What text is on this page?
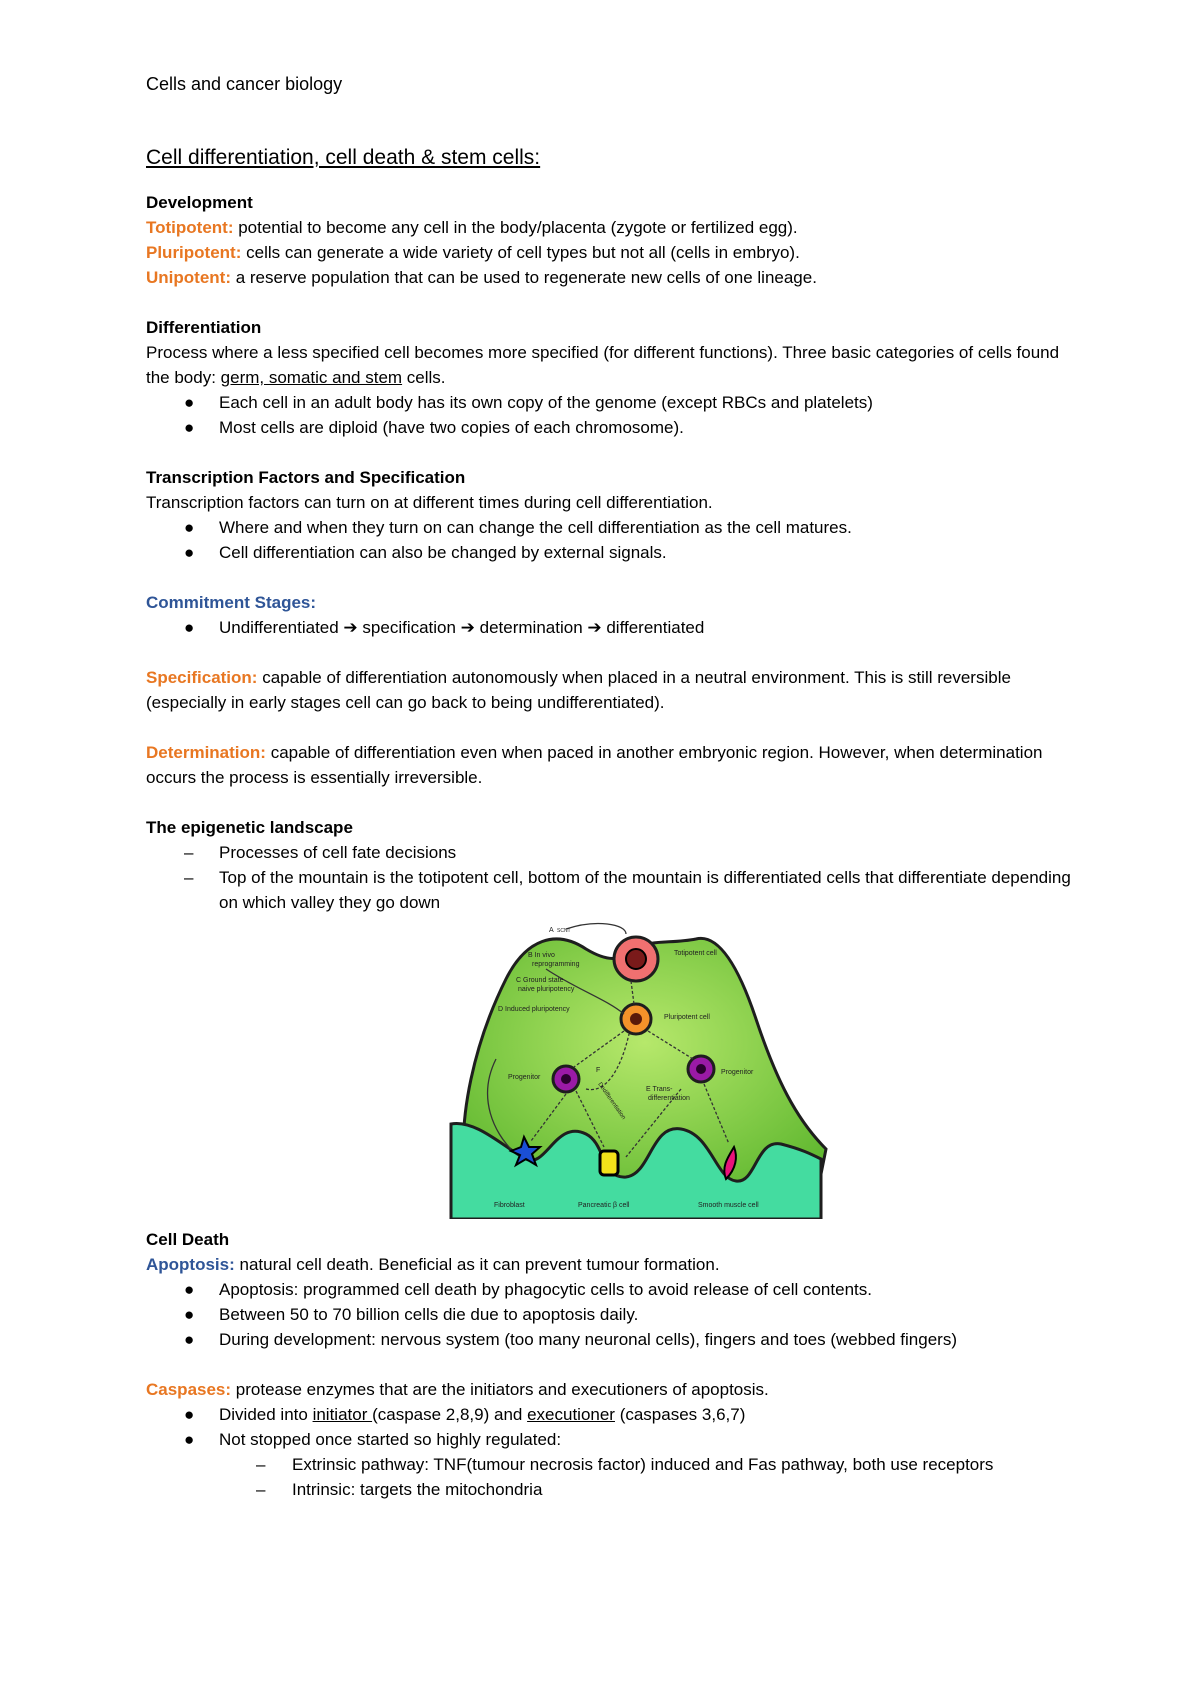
Cells and cancer biology
Cell differentiation, cell death & stem cells:

Development

Totipotent: potential to become any cell in the body/placenta (zygote or fertilized egg).

Pluripotent: cells can generate a wide variety of cell types but not all (cells in embryo).

Unipotent: a reserve population that can be used to regenerate new cells of one lineage.

Differentiation

Process where a less specified cell becomes more specified (for different functions). Three basic categories of cells found the body: germ, somatic and stem cells.

● Each cell in an adult body has its own copy of the genome (except RBCs and platelets)
● Most cells are diploid (have two copies of each chromosome).

Transcription Factors and Specification

Transcription factors can turn on at different times during cell differentiation.

● Where and when they turn on can change the cell differentiation as the cell matures.
● Cell differentiation can also be changed by external signals.

Commitment Stages:

● Undifferentiated ➔ specification ➔ determination ➔ differentiated

Specification: capable of differentiation autonomously when placed in a neutral environment. This is still reversible (especially in early stages cell can go back to being undifferentiated).

Determination: capable of differentiation even when paced in another embryonic region. However, when determination occurs the process is essentially irreversible.

The epigenetic landscape

– Processes of cell fate decisions
– Top of the mountain is the totipotent cell, bottom of the mountain is differentiated cells that differentiate depending on which valley they go down
A SCNT
Totipotent cell
B In vivo
reprogramming
C Ground state
naive pluripotency
D Induced pluripotency
Pluripotent cell
Progenitor
Progenitor
F
Dedifferentiation	E Trans-
differentiation
Fibroblast	Pancreatic β cell	Smooth muscle cell

Cell Death

Apoptosis: natural cell death. Beneficial as it can prevent tumour formation.

● Apoptosis: programmed cell death by phagocytic cells to avoid release of cell contents.
● Between 50 to 70 billion cells die due to apoptosis daily.
● During development: nervous system (too many neuronal cells), fingers and toes (webbed fingers)

Caspases: protease enzymes that are the initiators and executioners of apoptosis.

● Divided into initiator (caspase 2,8,9) and executioner (caspases 3,6,7)
● Not stopped once started so highly regulated:
– Extrinsic pathway: TNF(tumour necrosis factor) induced and Fas pathway, both use receptors
– Intrinsic: targets the mitochondria
